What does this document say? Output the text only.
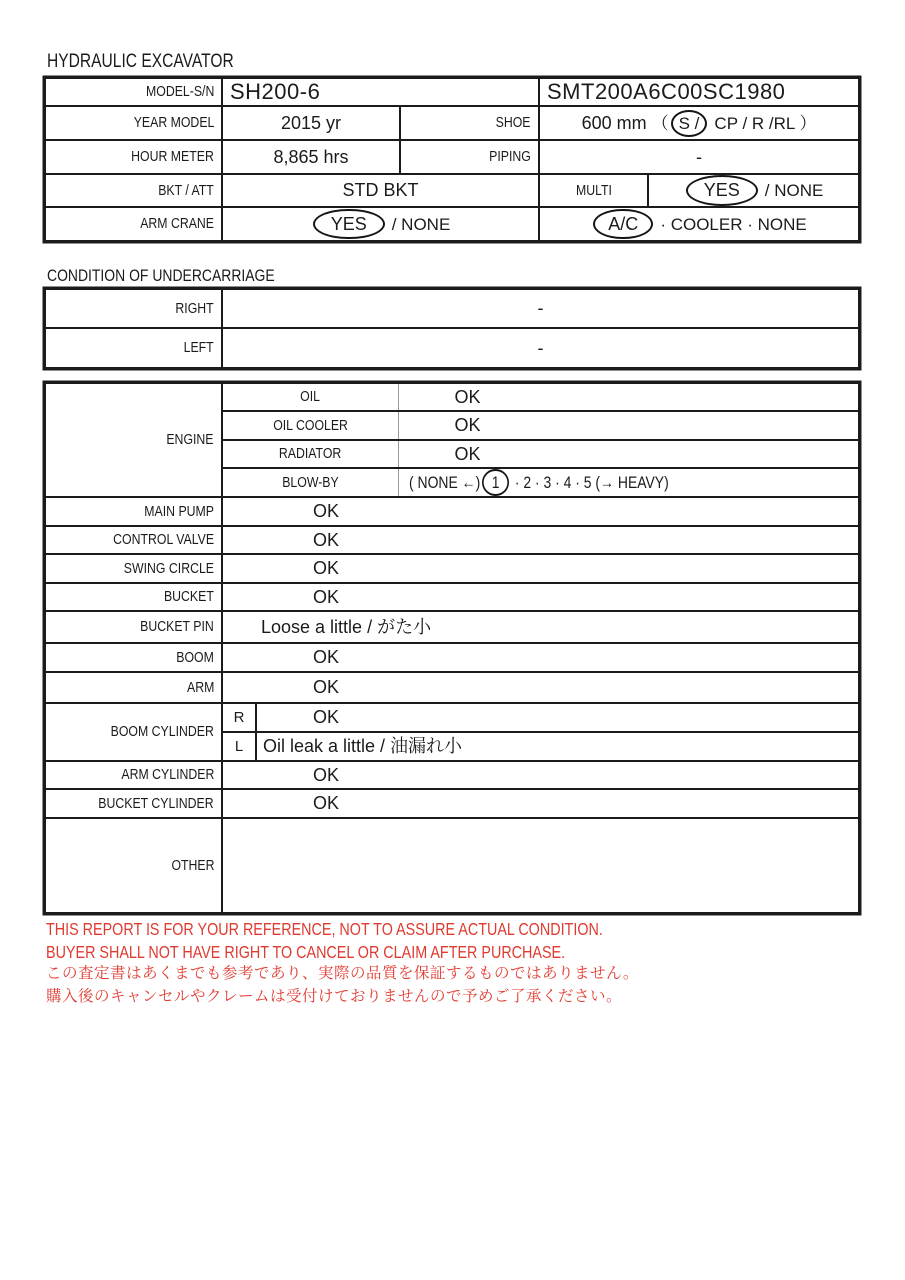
HYDRAULIC EXCAVATOR
MODEL-S/N	SH200-6		SMT200A6C00SC1980	
YEAR MODEL	2015 yr	SHOE	600 mm （ S / CP / R /RL ）	
HOUR METER	8,865 hrs	PIPING	-	
BKT / ATT	STD BKT		MULTI	YES / NONE
ARM CRANE	YES / NONE		A/C · COOLER · NONE	
CONDITION OF UNDERCARRIAGE
RIGHT	-
LEFT	-
ENGINE	OIL		OK
	OIL COOLER		OK
	RADIATOR		OK
	BLOW-BY		( NONE ←) 1 · 2 · 3 · 4 · 5 (→ HEAVY)
MAIN PUMP	OK		
CONTROL VALVE	OK		
SWING CIRCLE	OK		
BUCKET	OK		
BUCKET PIN	Loose a little / がた小		
BOOM	OK		
ARM	OK		
BOOM CYLINDER	R	OK	
	L	Oil leak a little / 油漏れ小	
ARM CYLINDER	OK		
BUCKET CYLINDER	OK		
OTHER			
THIS REPORT IS FOR YOUR REFERENCE, NOT TO ASSURE ACTUAL CONDITION.
BUYER SHALL NOT HAVE RIGHT TO CANCEL OR CLAIM AFTER PURCHASE.
この査定書はあくまでも参考であり、実際の品質を保証するものではありません。
購入後のキャンセルやクレームは受付けておりませんので予めご了承ください。
